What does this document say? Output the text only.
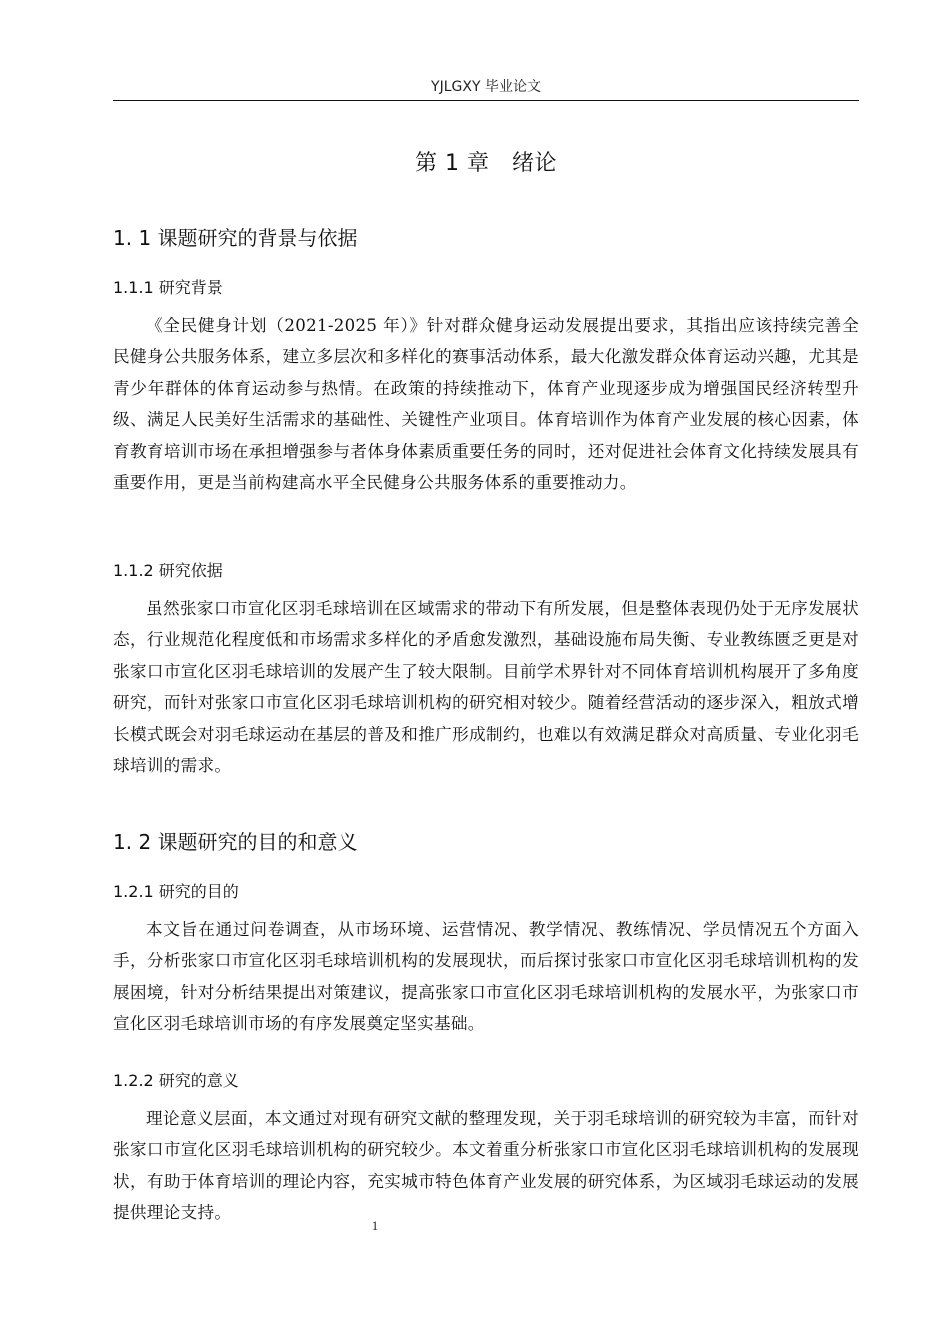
YJLGXY 毕业论文
第 1 章　绪论
1. 1 课题研究的背景与依据
1.1.1 研究背景

《全民健身计划（2021-2025 年）》针对群众健身运动发展提出要求，其指出应该持续完善全民健身公共服务体系，建立多层次和多样化的赛事活动体系，最大化激发群众体育运动兴趣，尤其是青少年群体的体育运动参与热情。在政策的持续推动下，体育产业现逐步成为增强国民经济转型升级、满足人民美好生活需求的基础性、关键性产业项目。体育培训作为体育产业发展的核心因素，体育教育培训市场在承担增强参与者体身体素质重要任务的同时，还对促进社会体育文化持续发展具有重要作用，更是当前构建高水平全民健身公共服务体系的重要推动力。

1.1.2 研究依据

虽然张家口市宣化区羽毛球培训在区域需求的带动下有所发展，但是整体表现仍处于无序发展状态，行业规范化程度低和市场需求多样化的矛盾愈发激烈，基础设施布局失衡、专业教练匮乏更是对张家口市宣化区羽毛球培训的发展产生了较大限制。目前学术界针对不同体育培训机构展开了多角度研究，而针对张家口市宣化区羽毛球培训机构的研究相对较少。随着经营活动的逐步深入，粗放式增长模式既会对羽毛球运动在基层的普及和推广形成制约，也难以有效满足群众对高质量、专业化羽毛球培训的需求。

1. 2 课题研究的目的和意义
1.2.1 研究的目的

本文旨在通过问卷调查，从市场环境、运营情况、教学情况、教练情况、学员情况五个方面入手，分析张家口市宣化区羽毛球培训机构的发展现状，而后探讨张家口市宣化区羽毛球培训机构的发展困境，针对分析结果提出对策建议，提高张家口市宣化区羽毛球培训机构的发展水平，为张家口市宣化区羽毛球培训市场的有序发展奠定坚实基础。

1.2.2 研究的意义

理论意义层面，本文通过对现有研究文献的整理发现，关于羽毛球培训的研究较为丰富，而针对张家口市宣化区羽毛球培训机构的研究较少。本文着重分析张家口市宣化区羽毛球培训机构的发展现状，有助于体育培训的理论内容，充实城市特色体育产业发展的研究体系，为区域羽毛球运动的发展提供理论支持。

1
